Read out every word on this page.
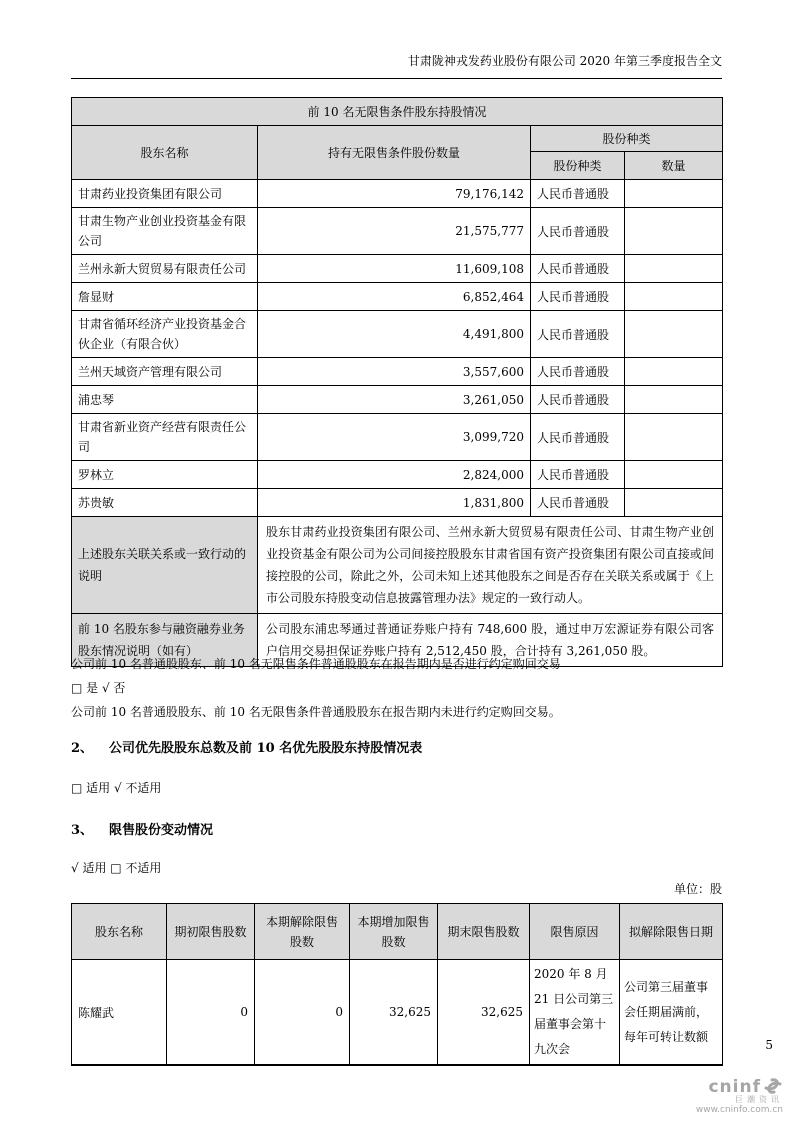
甘肃陇神戎发药业股份有限公司 2020 年第三季度报告全文
前 10 名无限售条件股东持股情况			
股东名称	持有无限售条件股份数量	股份种类	
		股份种类	数量
甘肃药业投资集团有限公司	79,176,142	人民币普通股	
甘肃生物产业创业投资基金有限公司	21,575,777	人民币普通股	
兰州永新大贸贸易有限责任公司	11,609,108	人民币普通股	
詹显财	6,852,464	人民币普通股	
甘肃省循环经济产业投资基金合伙企业（有限合伙）	4,491,800	人民币普通股	
兰州天域资产管理有限公司	3,557,600	人民币普通股	
浦忠琴	3,261,050	人民币普通股	
甘肃省新业资产经营有限责任公司	3,099,720	人民币普通股	
罗林立	2,824,000	人民币普通股	
苏贵敏	1,831,800	人民币普通股	
上述股东关联关系或一致行动的说明	股东甘肃药业投资集团有限公司、兰州永新大贸贸易有限责任公司、甘肃生物产业创业投资基金有限公司为公司间接控股股东甘肃省国有资产投资集团有限公司直接或间接控股的公司，除此之外，公司未知上述其他股东之间是否存在关联关系或属于《上市公司股东持股变动信息披露管理办法》规定的一致行动人。		
前 10 名股东参与融资融券业务股东情况说明（如有）	公司股东浦忠琴通过普通证券账户持有 748,600 股，通过申万宏源证券有限公司客户信用交易担保证券账户持有 2,512,450 股，合计持有 3,261,050 股。		
公司前 10 名普通股股东、前 10 名无限售条件普通股股东在报告期内是否进行约定购回交易
□ 是 √ 否
公司前 10 名普通股股东、前 10 名无限售条件普通股股东在报告期内未进行约定购回交易。
2、 公司优先股股东总数及前 10 名优先股股东持股情况表
□ 适用 √ 不适用
3、 限售股份变动情况
√ 适用 □ 不适用
单位：股
股东名称	期初限售股数	本期解除限售股数	本期增加限售股数	期末限售股数	限售原因	拟解除限售日期
陈耀武	0	0	32,625	32,625	2020 年 8 月 21 日公司第三届董事会第十九次会	公司第三届董事会任期届满前，每年可转让数额
5
cninf
巨潮资讯
www.cninfo.com.cn
